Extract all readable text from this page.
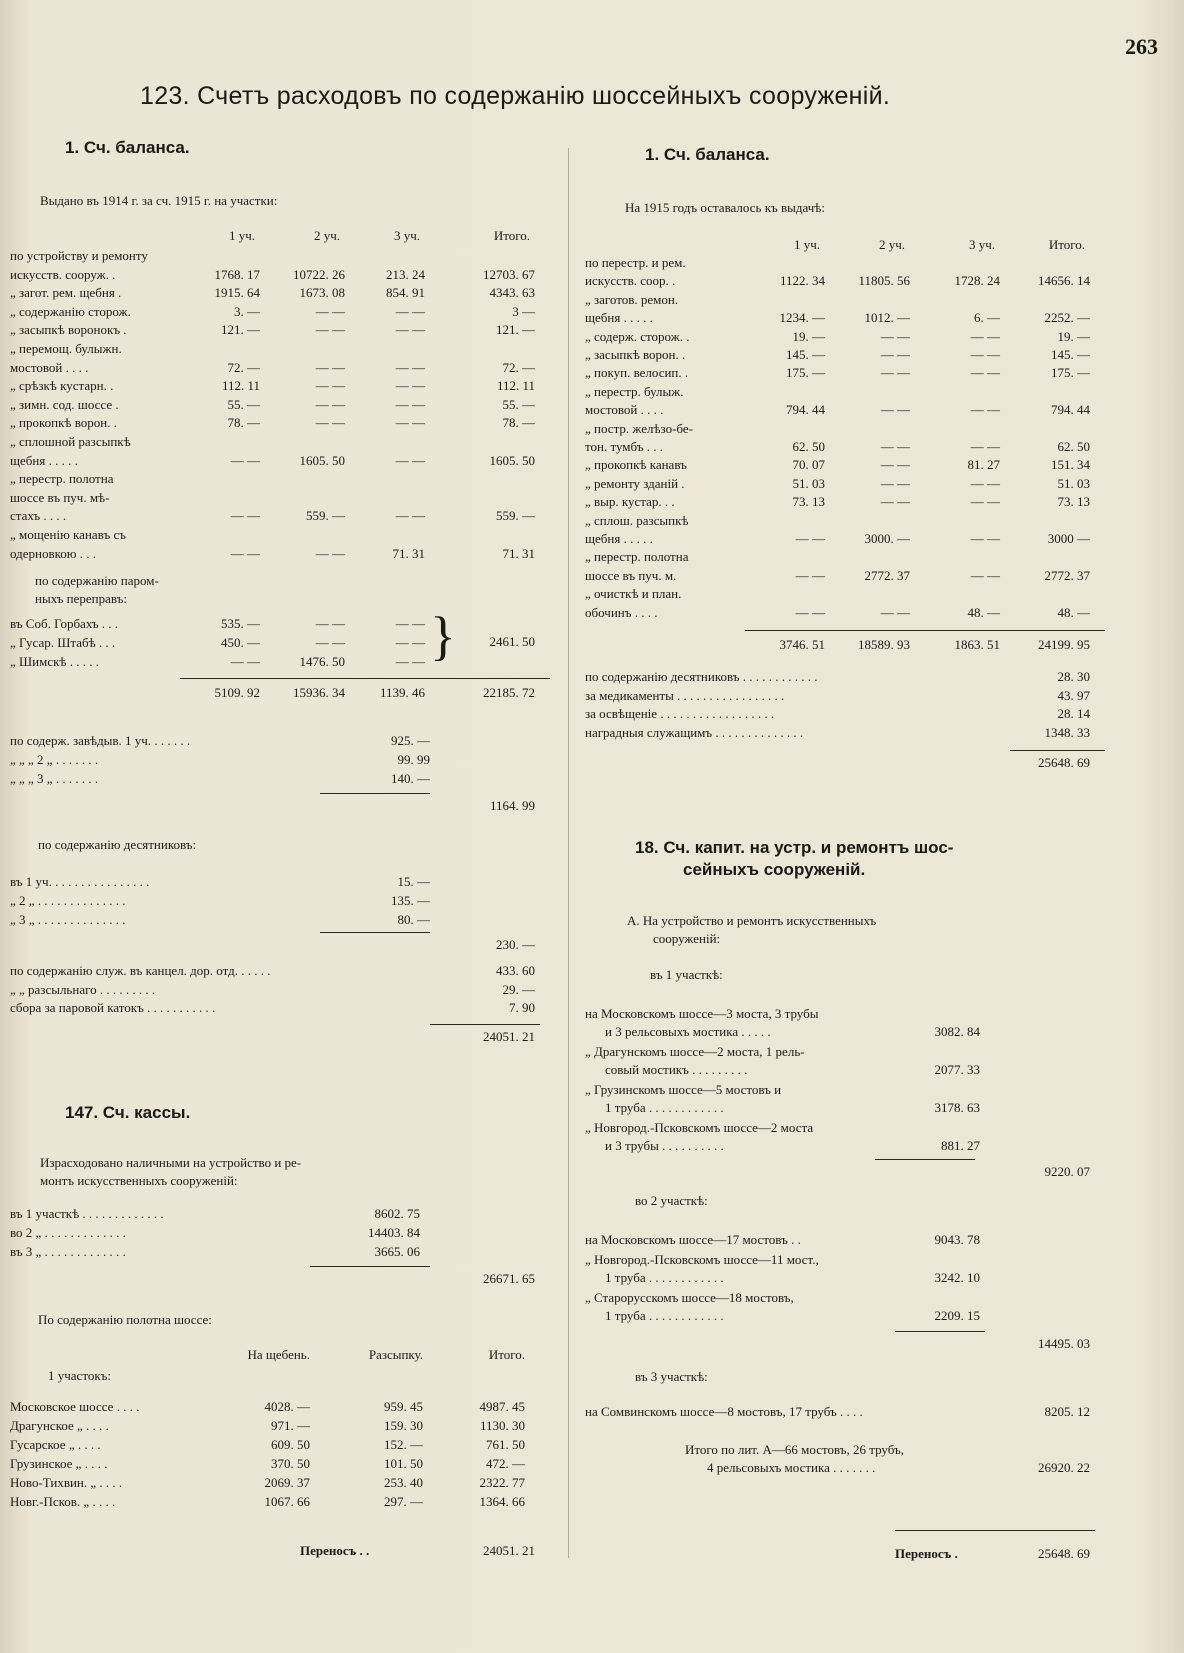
263
123. Счетъ расходовъ по содержанію шоссейныхъ сооруженій.
1. Сч. баланса.
Выдано въ 1914 г. за сч. 1915 г. на участки:
1 уч.	2 уч.	3 уч.	Итого.
по устройству и ремонту
искусств. сооруж. .	1768. 17	10722. 26	213. 24	12703. 67
„ загот. рем. щебня .	1915. 64	1673. 08	854. 91	4343. 63
„ содержанію сторож.	3. —	— —	— —	3 —
„ засыпкѣ воронокъ .	121. —	— —	— —	121. —
„ перемощ. булыжн.
мостовой . . . .	72. —	— —	— —	72. —
„ срѣзкѣ кустарн. .	112. 11	— —	— —	112. 11
„ зимн. сод. шоссе .	55. —	— —	— —	55. —
„ прокопкѣ ворон. .	78. —	— —	— —	78. —
„ сплошной разсыпкѣ
щебня . . . . .	— —	1605. 50	— —	1605. 50
„ перестр. полотна
шоссе въ пуч. мѣ-
стахъ . . . .	— —	559. —	— —	559. —
„ мощенію канавъ съ
одерновкою . . .	— —	— —	71. 31	71. 31
по содержанію паром-
ныхъ переправъ:
въ Соб. Горбахъ . . .	535. —	— —	— —
„ Гусар. Штабѣ . . .	450. —	— —	— —
„ Шимскѣ . . . . .	— —	1476. 50	— — }	2461. 50
5109. 92	15936. 34	1139. 46	22185. 72
по содерж. завѣдыв. 1 уч. . . . . . .	925. —
„ „ „ 2 „ . . . . . . .	99. 99
„ „ „ 3 „ . . . . . . .	140. —
1164. 99
по содержанію десятниковъ:
въ 1 уч. . . . . . . . . . . . . . . .	15. —
„ 2 „ . . . . . . . . . . . . . .	135. —
„ 3 „ . . . . . . . . . . . . . .	80. —
230. —
по содержанію служ. въ канцел. дор. отд. . . . . .	433. 60
„ „ разсыльнаго . . . . . . . . .	29. —
сбора за паровой катокъ . . . . . . . . . . .	7. 90
24051. 21
147. Сч. кассы.
Израсходовано наличными на устройство и ре-
монтъ искусственныхъ сооруженій:
въ 1 участкѣ . . . . . . . . . . . . .	8602. 75
во 2 „ . . . . . . . . . . . . .	14403. 84
въ 3 „ . . . . . . . . . . . . .	3665. 06
26671. 65
По содержанію полотна шоссе:
На щебень.	Разсыпку.	Итого.
1 участокъ:
Московское шоссе . . . .	4028. —	959. 45	4987. 45
Драгунское „ . . . .	971. —	159. 30	1130. 30
Гусарское „ . . . .	609. 50	152. —	761. 50
Грузинское „ . . . .	370. 50	101. 50	472. —
Ново-Тихвин. „ . . . .	2069. 37	253. 40	2322. 77
Новг.-Псков. „ . . . .	1067. 66	297. —	1364. 66
Переносъ . .	24051. 21
1. Сч. баланса.
На 1915 годъ оставалось къ выдачѣ:
1 уч.	2 уч.	3 уч.	Итого.
по перестр. и рем.
искусств. соор. .	1122. 34	11805. 56	1728. 24	14656. 14
„ заготов. ремон.
щебня . . . . .	1234. —	1012. —	6. —	2252. —
„ содерж. сторож. .	19. —	— —	— —	19. —
„ засыпкѣ ворон. .	145. —	— —	— —	145. —
„ покуп. велосип. .	175. —	— —	— —	175. —
„ перестр. булыж.
мостовой . . . .	794. 44	— —	— —	794. 44
„ постр. желѣзо-бе-
тон. тумбъ . . .	62. 50	— —	— —	62. 50
„ прокопкѣ канавъ	70. 07	— —	81. 27	151. 34
„ ремонту зданій .	51. 03	— —	— —	51. 03
„ выр. кустар. . .	73. 13	— —	— —	73. 13
„ сплош. разсыпкѣ
щебня . . . . .	— —	3000. —	— —	3000 —
„ перестр. полотна
шоссе въ пуч. м.	— —	2772. 37	— —	2772. 37
„ очисткѣ и план.
обочинъ . . . .	— —	— —	48. —	48. —
3746. 51	18589. 93	1863. 51	24199. 95
по содержанію десятниковъ . . . . . . . . . . . .	28. 30
за медикаменты . . . . . . . . . . . . . . . . .	43. 97
за освѣщеніе . . . . . . . . . . . . . . . . . .	28. 14
наградныя служащимъ . . . . . . . . . . . . . .	1348. 33
25648. 69
18. Сч. капит. на устр. и ремонтъ шос-
сейныхъ сооруженій.
А. На устройство и ремонтъ искусственныхъ
сооруженій:
въ 1 участкѣ:
на Московскомъ шоссе—3 моста, 3 трубы
и 3 рельсовыхъ мостика . . . . .	3082. 84
„ Драгунскомъ шоссе—2 моста, 1 рель-
совый мостикъ . . . . . . . . .	2077. 33
„ Грузинскомъ шоссе—5 мостовъ и
1 труба . . . . . . . . . . . .	3178. 63
„ Новгород.-Псковскомъ шоссе—2 моста
и 3 трубы . . . . . . . . . .	881. 27
9220. 07
во 2 участкѣ:
на Московскомъ шоссе—17 мостовъ . .	9043. 78
„ Новгород.-Псковскомъ шоссе—11 мост.,
1 труба . . . . . . . . . . . .	3242. 10
„ Старорусскомъ шоссе—18 мостовъ,
1 труба . . . . . . . . . . . .	2209. 15
14495. 03
въ 3 участкѣ:
на Сомвинскомъ шоссе—8 мостовъ, 17 трубъ . . . .	8205. 12
Итого по лит. А—66 мостовъ, 26 трубъ,
4 рельсовыхъ мостика . . . . . . .	26920. 22
Переносъ .	25648. 69
